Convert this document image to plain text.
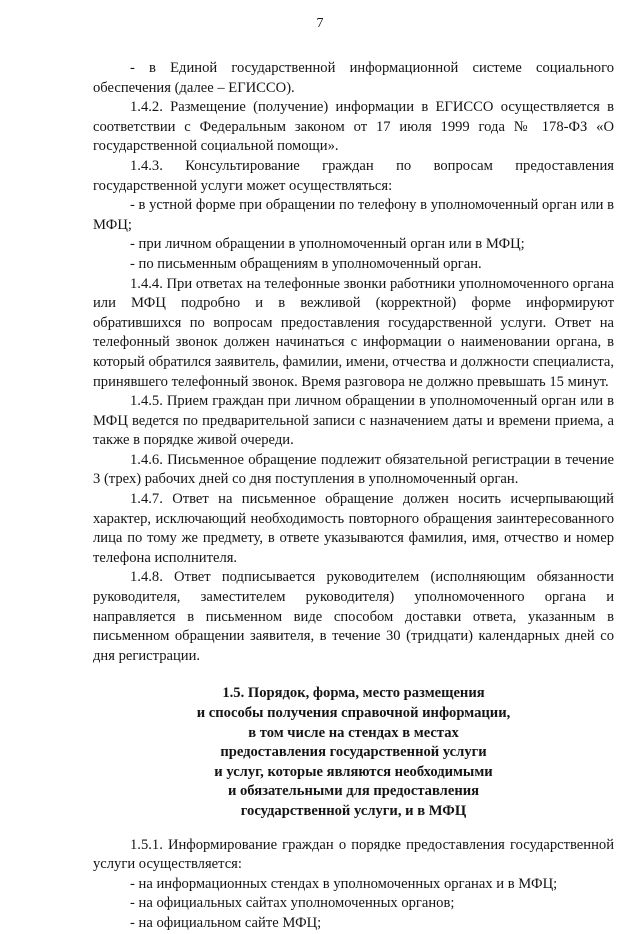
7

- в Единой государственной информационной системе социального обеспечения (далее – ЕГИССО).

1.4.2. Размещение (получение) информации в ЕГИССО осуществляется в соответствии с Федеральным законом от 17 июля 1999 года № 178-ФЗ «О государственной социальной помощи».

1.4.3. Консультирование граждан по вопросам предоставления государственной услуги может осуществляться:

- в устной форме при обращении по телефону в уполномоченный орган или в МФЦ;

- при личном обращении в уполномоченный орган или в МФЦ;

- по письменным обращениям в уполномоченный орган.

1.4.4. При ответах на телефонные звонки работники уполномоченного органа или МФЦ подробно и в вежливой (корректной) форме информируют обратившихся по вопросам предоставления государственной услуги. Ответ на телефонный звонок должен начинаться с информации о наименовании органа, в который обратился заявитель, фамилии, имени, отчества и должности специалиста, принявшего телефонный звонок. Время разговора не должно превышать 15 минут.

1.4.5. Прием граждан при личном обращении в уполномоченный орган или в МФЦ ведется по предварительной записи с назначением даты и времени приема, а также в порядке живой очереди.

1.4.6. Письменное обращение подлежит обязательной регистрации в течение 3 (трех) рабочих дней со дня поступления в уполномоченный орган.

1.4.7. Ответ на письменное обращение должен носить исчерпывающий характер, исключающий необходимость повторного обращения заинтересованного лица по тому же предмету, в ответе указываются фамилия, имя, отчество и номер телефона исполнителя.

1.4.8. Ответ подписывается руководителем (исполняющим обязанности руководителя, заместителем руководителя) уполномоченного органа и направляется в письменном виде способом доставки ответа, указанным в письменном обращении заявителя, в течение 30 (тридцати) календарных дней со дня регистрации.

1.5. Порядок, форма, место размещения
и способы получения справочной информации,
в том числе на стендах в местах
предоставления государственной услуги
и услуг, которые являются необходимыми
и обязательными для предоставления
государственной услуги, и в МФЦ

1.5.1. Информирование граждан о порядке предоставления государственной услуги осуществляется:

- на информационных стендах в уполномоченных органах и в МФЦ;

- на официальных сайтах уполномоченных органов;

- на официальном сайте МФЦ;
